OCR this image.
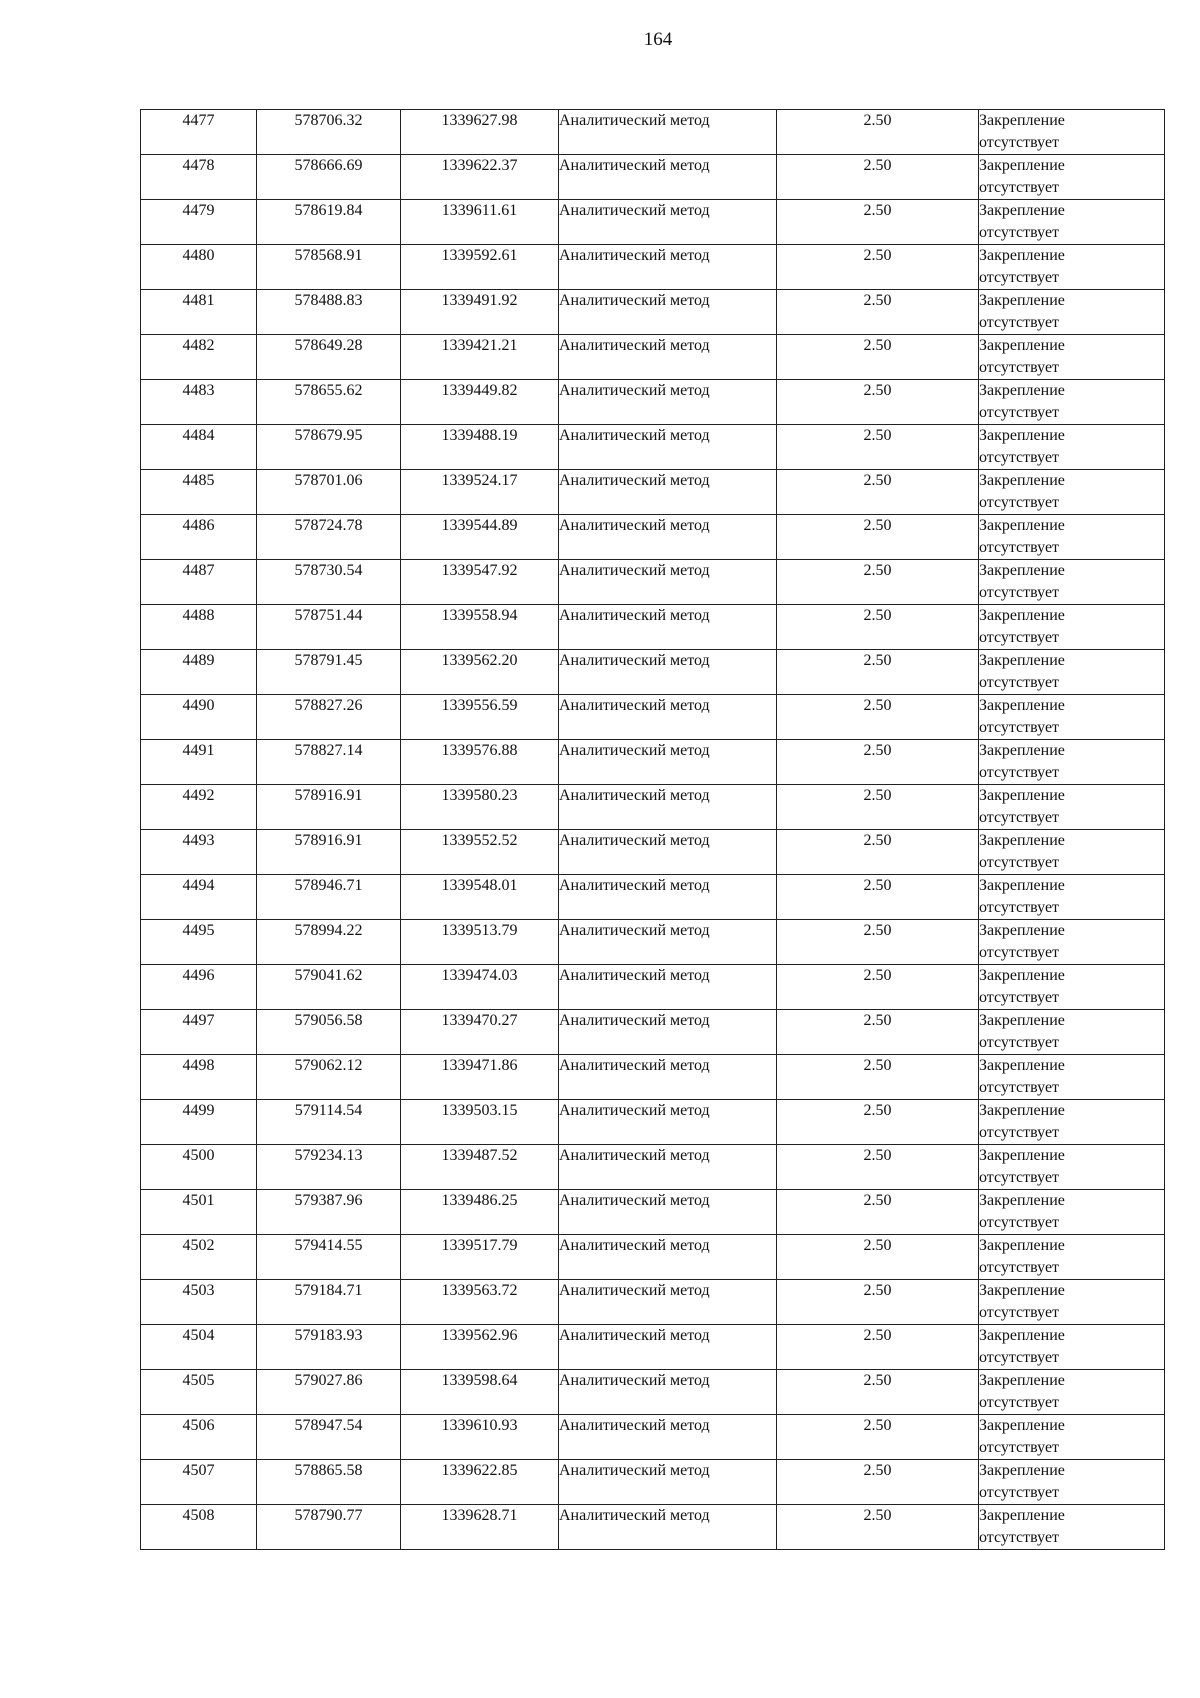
164
4477	578706.32	1339627.98	Аналитический метод	2.50	Закрепление
отсутствует

4478	578666.69	1339622.37	Аналитический метод	2.50	Закрепление
отсутствует

4479	578619.84	1339611.61	Аналитический метод	2.50	Закрепление
отсутствует

4480	578568.91	1339592.61	Аналитический метод	2.50	Закрепление
отсутствует

4481	578488.83	1339491.92	Аналитический метод	2.50	Закрепление
отсутствует

4482	578649.28	1339421.21	Аналитический метод	2.50	Закрепление
отсутствует

4483	578655.62	1339449.82	Аналитический метод	2.50	Закрепление
отсутствует

4484	578679.95	1339488.19	Аналитический метод	2.50	Закрепление
отсутствует

4485	578701.06	1339524.17	Аналитический метод	2.50	Закрепление
отсутствует

4486	578724.78	1339544.89	Аналитический метод	2.50	Закрепление
отсутствует

4487	578730.54	1339547.92	Аналитический метод	2.50	Закрепление
отсутствует

4488	578751.44	1339558.94	Аналитический метод	2.50	Закрепление
отсутствует

4489	578791.45	1339562.20	Аналитический метод	2.50	Закрепление
отсутствует

4490	578827.26	1339556.59	Аналитический метод	2.50	Закрепление
отсутствует

4491	578827.14	1339576.88	Аналитический метод	2.50	Закрепление
отсутствует

4492	578916.91	1339580.23	Аналитический метод	2.50	Закрепление
отсутствует

4493	578916.91	1339552.52	Аналитический метод	2.50	Закрепление
отсутствует

4494	578946.71	1339548.01	Аналитический метод	2.50	Закрепление
отсутствует

4495	578994.22	1339513.79	Аналитический метод	2.50	Закрепление
отсутствует

4496	579041.62	1339474.03	Аналитический метод	2.50	Закрепление
отсутствует

4497	579056.58	1339470.27	Аналитический метод	2.50	Закрепление
отсутствует

4498	579062.12	1339471.86	Аналитический метод	2.50	Закрепление
отсутствует

4499	579114.54	1339503.15	Аналитический метод	2.50	Закрепление
отсутствует

4500	579234.13	1339487.52	Аналитический метод	2.50	Закрепление
отсутствует

4501	579387.96	1339486.25	Аналитический метод	2.50	Закрепление
отсутствует

4502	579414.55	1339517.79	Аналитический метод	2.50	Закрепление
отсутствует

4503	579184.71	1339563.72	Аналитический метод	2.50	Закрепление
отсутствует

4504	579183.93	1339562.96	Аналитический метод	2.50	Закрепление
отсутствует

4505	579027.86	1339598.64	Аналитический метод	2.50	Закрепление
отсутствует

4506	578947.54	1339610.93	Аналитический метод	2.50	Закрепление
отсутствует

4507	578865.58	1339622.85	Аналитический метод	2.50	Закрепление
отсутствует

4508	578790.77	1339628.71	Аналитический метод	2.50	Закрепление
отсутствует
